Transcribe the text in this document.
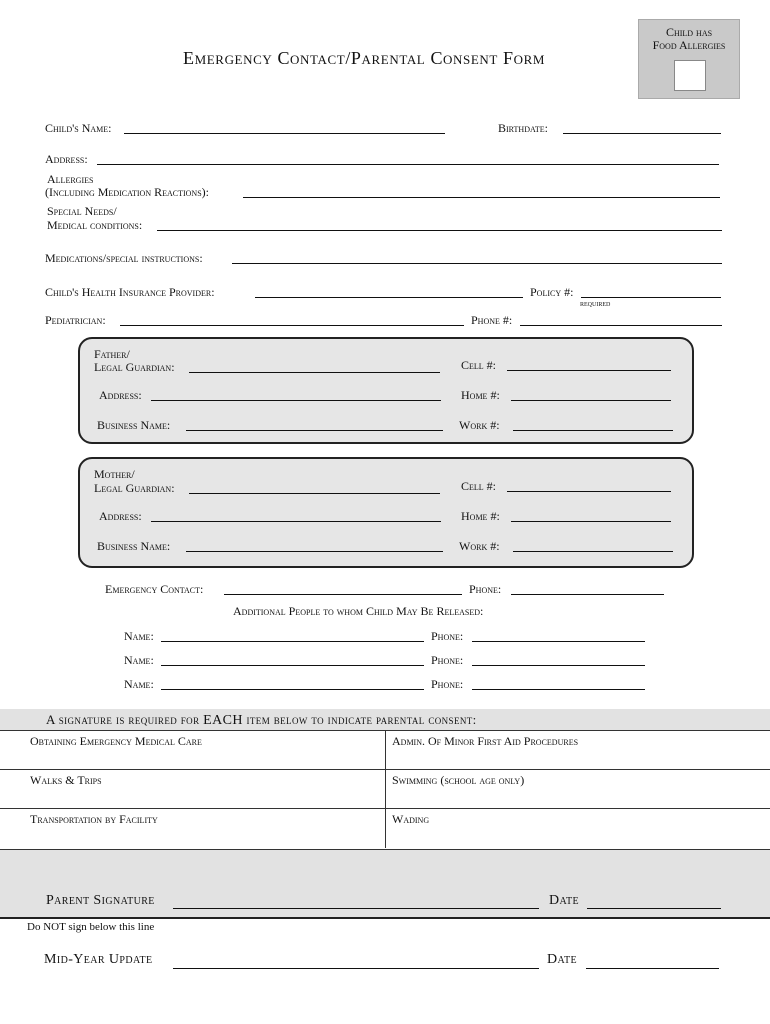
Emergency Contact/Parental Consent Form
Child has
Food Allergies
Child's Name:	Birthdate:
Address:
Allergies
(Including Medication Reactions):
Special Needs/
Medical conditions:
Medications/special instructions:
Child's Health Insurance Provider:	Policy #:
required
Pediatrician:	Phone #:
Father/
Legal Guardian:	Cell #:
Address:	Home #:
Business Name:	Work #:
Mother/
Legal Guardian:	Cell #:
Address:	Home #:
Business Name:	Work #:
Emergency Contact:	Phone:
Additional People to whom Child May Be Released:
Name:	Phone:
Name:	Phone:
Name:	Phone:
A signature is required for EACH item below to indicate parental consent:
Obtaining Emergency Medical Care	Admin. Of Minor First Aid Procedures
Walks & Trips	Swimming (school age only)
Transportation by Facility	Wading
Parent Signature	Date
Do NOT sign below this line
Mid-Year Update	Date
